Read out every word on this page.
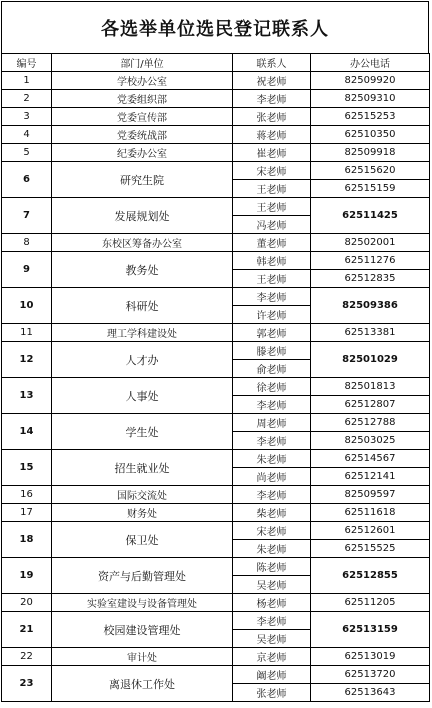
各选举单位选民登记联系人
编号	部门/单位	联系人	办公电话
1	学校办公室	祝老师	82509920
2	党委组织部	李老师	82509310
3	党委宣传部	张老师	62515253
4	党委统战部	蒋老师	62510350
5	纪委办公室	崔老师	82509918
6	研究生院	宋老师	62515620
		王老师	62515159
7	发展规划处	王老师	62511425
		冯老师	
8	东校区筹备办公室	董老师	82502001
9	教务处	韩老师	62511276
		王老师	62512835
10	科研处	李老师	82509386
		许老师	
11	理工学科建设处	郭老师	62513381
12	人才办	滕老师	82501029
		俞老师	
13	人事处	徐老师	82501813
		李老师	62512807
14	学生处	周老师	62512788
		李老师	82503025
15	招生就业处	朱老师	62514567
		尚老师	62512141
16	国际交流处	李老师	82509597
17	财务处	柴老师	62511618
18	保卫处	宋老师	62512601
		朱老师	62515525
19	资产与后勤管理处	陈老师	62512855
		吴老师	
20	实验室建设与设备管理处	杨老师	62511205
21	校园建设管理处	李老师	62513159
		吴老师	
22	审计处	京老师	62513019
23	离退休工作处	阚老师	62513720
		张老师	62513643
